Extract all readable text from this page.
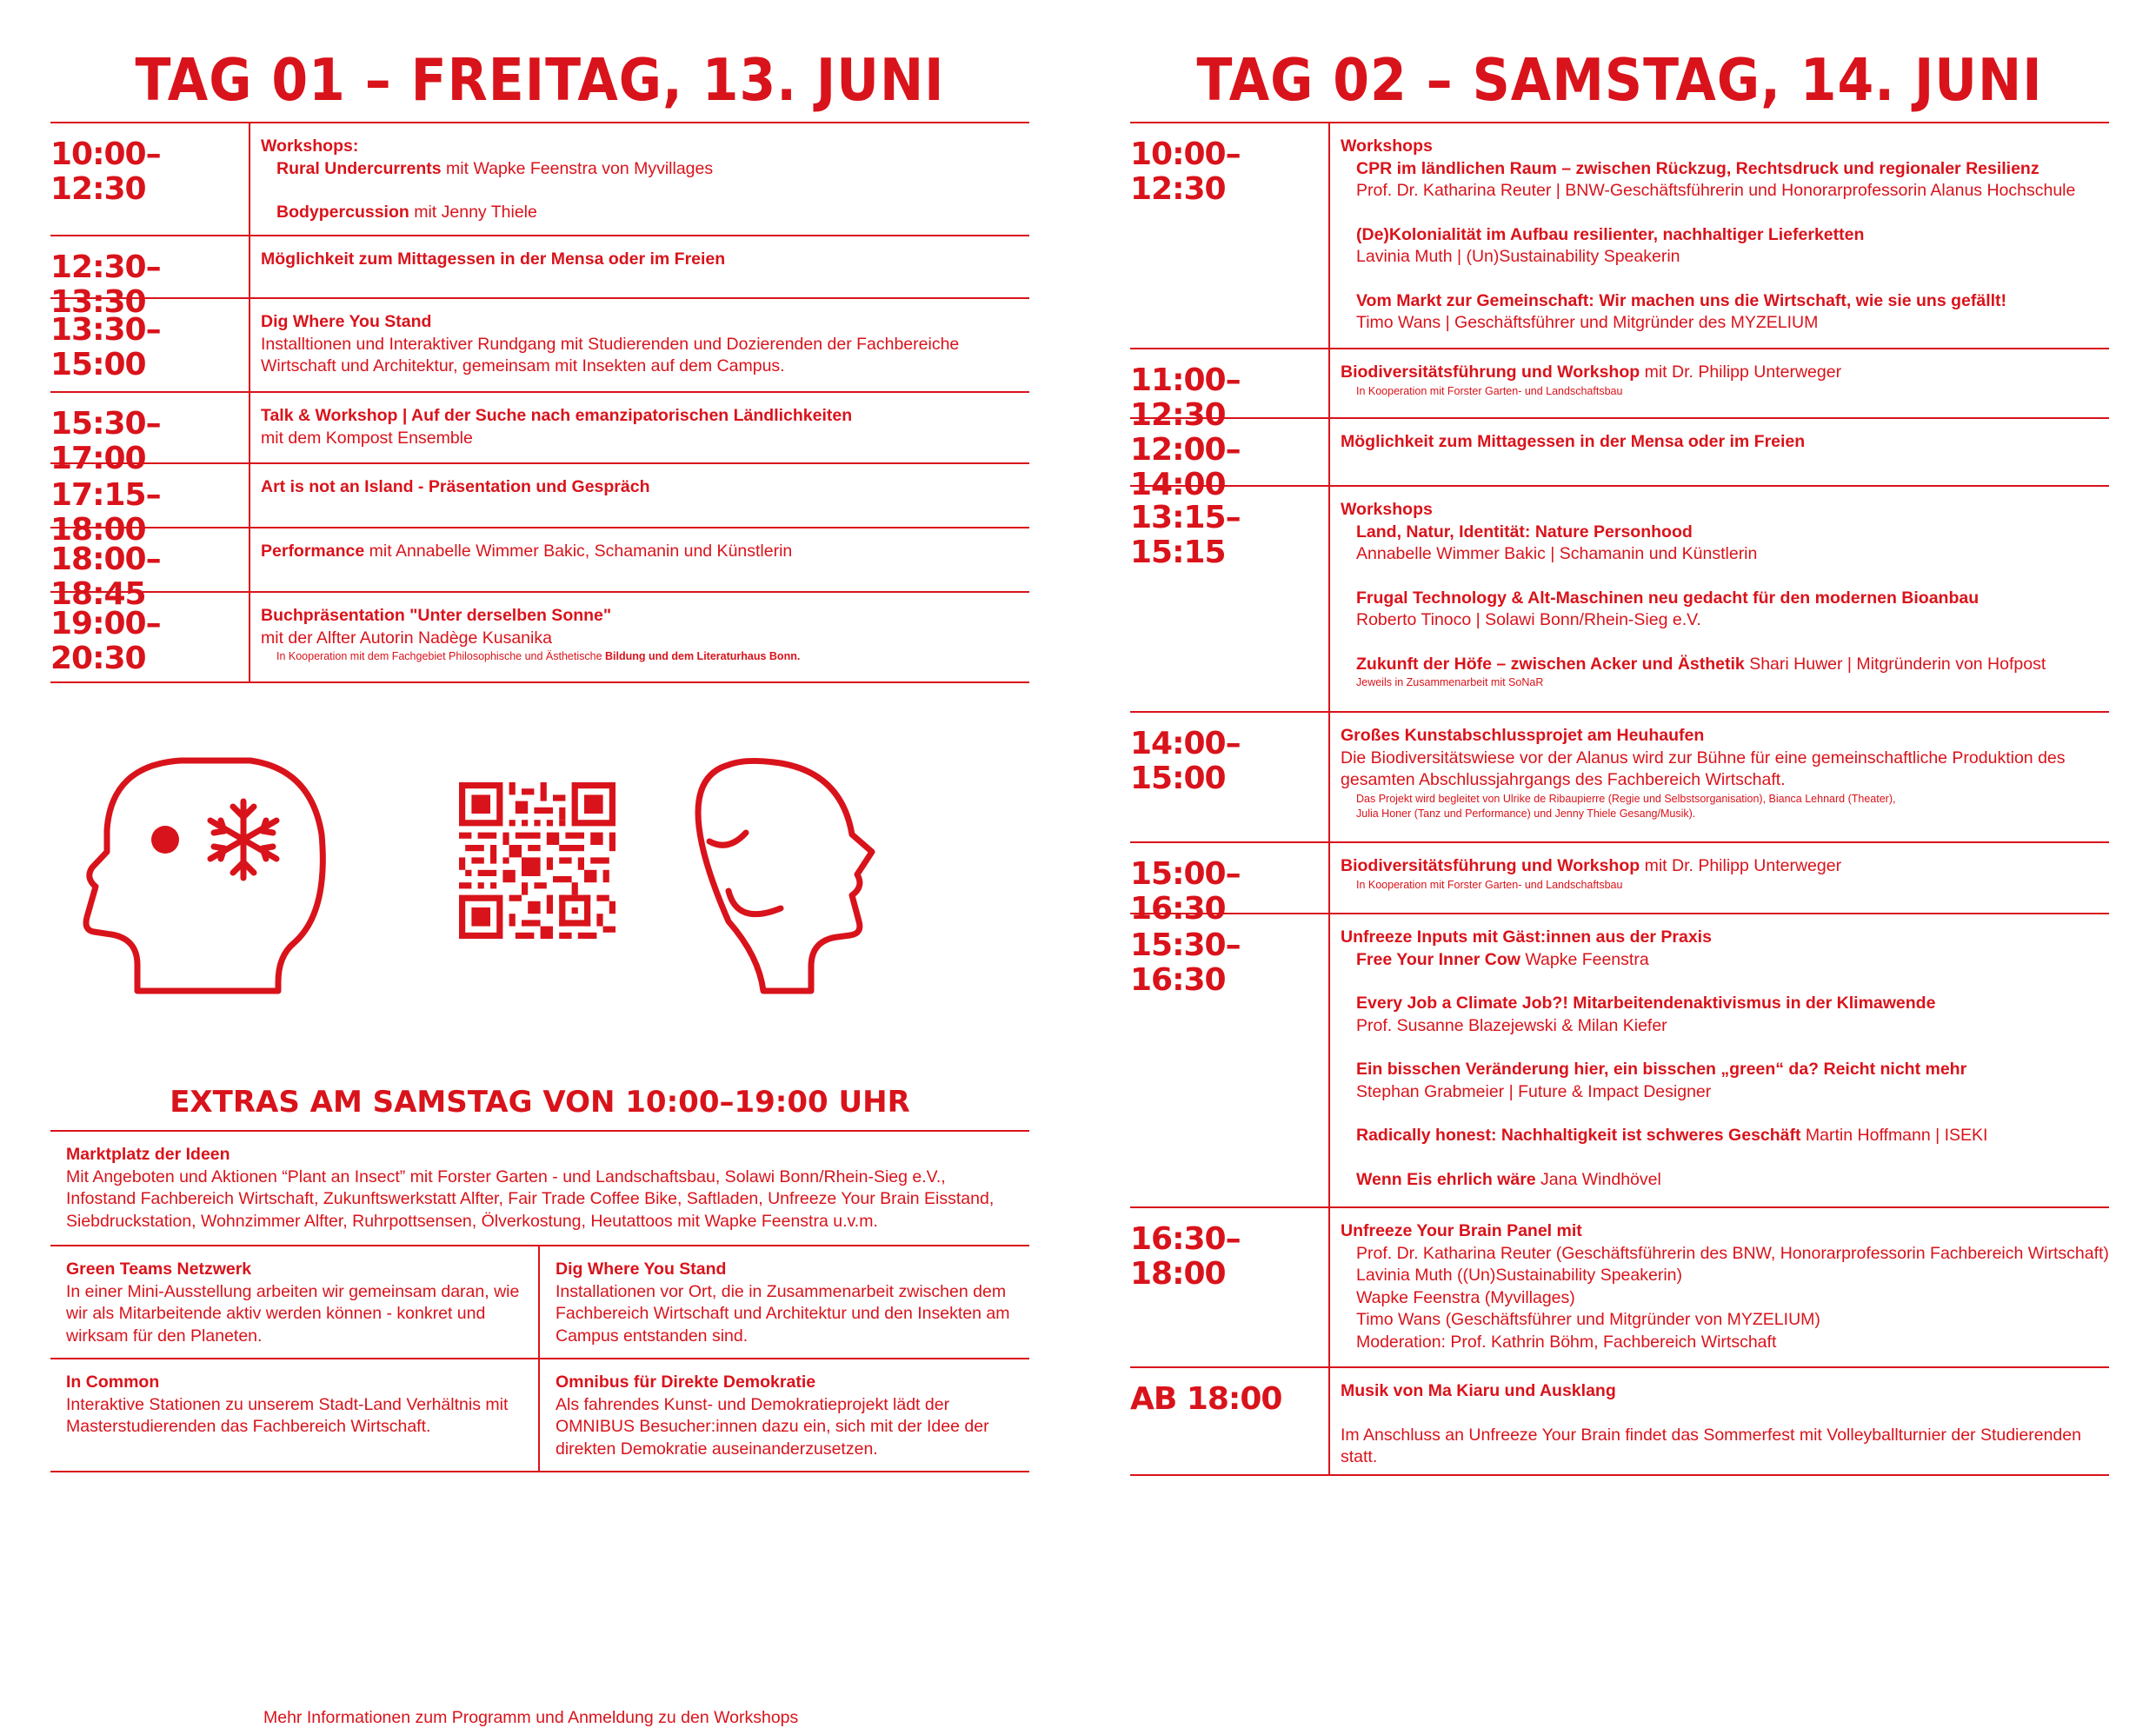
TAG 01 – FREITAG, 13. JUNI
10:00–12:30
Workshops:
Rural Undercurrents mit Wapke Feenstra von Myvillages
Bodypercussion mit Jenny Thiele
12:30–13:30
Möglichkeit zum Mittagessen in der Mensa oder im Freien
13:30–15:00
Dig Where You Stand
Installtionen und Interaktiver Rundgang mit Studierenden und Dozierenden der Fachbereiche Wirtschaft und Architektur, gemeinsam mit Insekten auf dem Campus.
15:30–17:00
Talk & Workshop | Auf der Suche nach emanzipatorischen Ländlichkeiten
mit dem Kompost Ensemble
17:15–18:00
Art is not an Island - Präsentation und Gespräch
18:00–18:45
Performance mit Annabelle Wimmer Bakic, Schamanin und Künstlerin
19:00–20:30
Buchpräsentation "Unter derselben Sonne"
mit der Alfter Autorin Nadège Kusanika
In Kooperation mit dem Fachgebiet Philosophische und Ästhetische Bildung und dem Literaturhaus Bonn.
Mehr Informationen zum Programm und Anmeldung zu den Workshops
EXTRAS AM SAMSTAG VON 10:00–19:00 UHR
Marktplatz der Ideen
Mit Angeboten und Aktionen “Plant an Insect” mit Forster Garten - und Landschaftsbau, Solawi Bonn/Rhein-Sieg e.V., Infostand Fachbereich Wirtschaft, Zukunftswerkstatt Alfter, Fair Trade Coffee Bike, Saftladen, Unfreeze Your Brain Eisstand, Siebdruckstation, Wohnzimmer Alfter, Ruhrpottsensen, Ölverkostung, Heutattoos mit Wapke Feenstra u.v.m.
Green Teams Netzwerk
In einer Mini-Ausstellung arbeiten wir gemeinsam daran, wie wir als Mitarbeitende aktiv werden können - konkret und wirksam für den Planeten.
Dig Where You Stand
Installationen vor Ort, die in Zusammenarbeit zwischen dem Fachbereich Wirtschaft und Architektur und den Insekten am Campus entstanden sind.
In Common
Interaktive Stationen zu unserem Stadt-Land Verhältnis mit Masterstudierenden das Fachbereich Wirtschaft.
Omnibus für Direkte Demokratie
Als fahrendes Kunst- und Demokratieprojekt lädt der OMNIBUS Besucher:innen dazu ein, sich mit der Idee der direkten Demokratie auseinanderzusetzen.
TAG 02 – SAMSTAG, 14. JUNI
10:00–12:30
Workshops
CPR im ländlichen Raum – zwischen Rückzug, Rechtsdruck und regionaler Resilienz
Prof. Dr. Katharina Reuter | BNW-Geschäftsführerin und Honorarprofessorin Alanus Hochschule
(De)Kolonialität im Aufbau resilienter, nachhaltiger Lieferketten
Lavinia Muth | (Un)Sustainability Speakerin
Vom Markt zur Gemeinschaft: Wir machen uns die Wirtschaft, wie sie uns gefällt!
Timo Wans | Geschäftsführer und Mitgründer des MYZELIUM
11:00–12:30
Biodiversitätsführung und Workshop mit Dr. Philipp Unterweger
In Kooperation mit Forster Garten- und Landschaftsbau
12:00–14:00
Möglichkeit zum Mittagessen in der Mensa oder im Freien
13:15–15:15
Workshops
Land, Natur, Identität: Nature Personhood
Annabelle Wimmer Bakic | Schamanin und Künstlerin
Frugal Technology & Alt-Maschinen neu gedacht für den modernen Bioanbau
Roberto Tinoco | Solawi Bonn/Rhein-Sieg e.V.
Zukunft der Höfe – zwischen Acker und Ästhetik Shari Huwer | Mitgründerin von Hofpost
Jeweils in Zusammenarbeit mit SoNaR
14:00–15:00
Großes Kunstabschlussprojet am Heuhaufen
Die Biodiversitätswiese vor der Alanus wird zur Bühne für eine gemeinschaftliche Produktion des gesamten Abschlussjahrgangs des Fachbereich Wirtschaft.
Das Projekt wird begleitet von Ulrike de Ribaupierre (Regie und Selbstsorganisation), Bianca Lehnard (Theater),
Julia Honer (Tanz und Performance) und Jenny Thiele Gesang/Musik).
15:00–16:30
Biodiversitätsführung und Workshop mit Dr. Philipp Unterweger
In Kooperation mit Forster Garten- und Landschaftsbau
15:30–16:30
Unfreeze Inputs mit Gäst:innen aus der Praxis
Free Your Inner Cow Wapke Feenstra
Every Job a Climate Job?! Mitarbeitendenaktivismus in der Klimawende
Prof. Susanne Blazejewski & Milan Kiefer
Ein bisschen Veränderung hier, ein bisschen „green“ da? Reicht nicht mehr
Stephan Grabmeier | Future & Impact Designer
Radically honest: Nachhaltigkeit ist schweres Geschäft Martin Hoffmann | ISEKI
Wenn Eis ehrlich wäre Jana Windhövel
16:30–18:00
Unfreeze Your Brain Panel mit
Prof. Dr. Katharina Reuter (Geschäftsführerin des BNW, Honorarprofessorin Fachbereich Wirtschaft)
Lavinia Muth ((Un)Sustainability Speakerin)
Wapke Feenstra (Myvillages)
Timo Wans (Geschäftsführer und Mitgründer von MYZELIUM)
Moderation: Prof. Kathrin Böhm, Fachbereich Wirtschaft
AB 18:00	Musik von Ma Kiaru und Ausklang
Im Anschluss an Unfreeze Your Brain findet das Sommerfest mit Volleyballturnier der Studierenden statt.
